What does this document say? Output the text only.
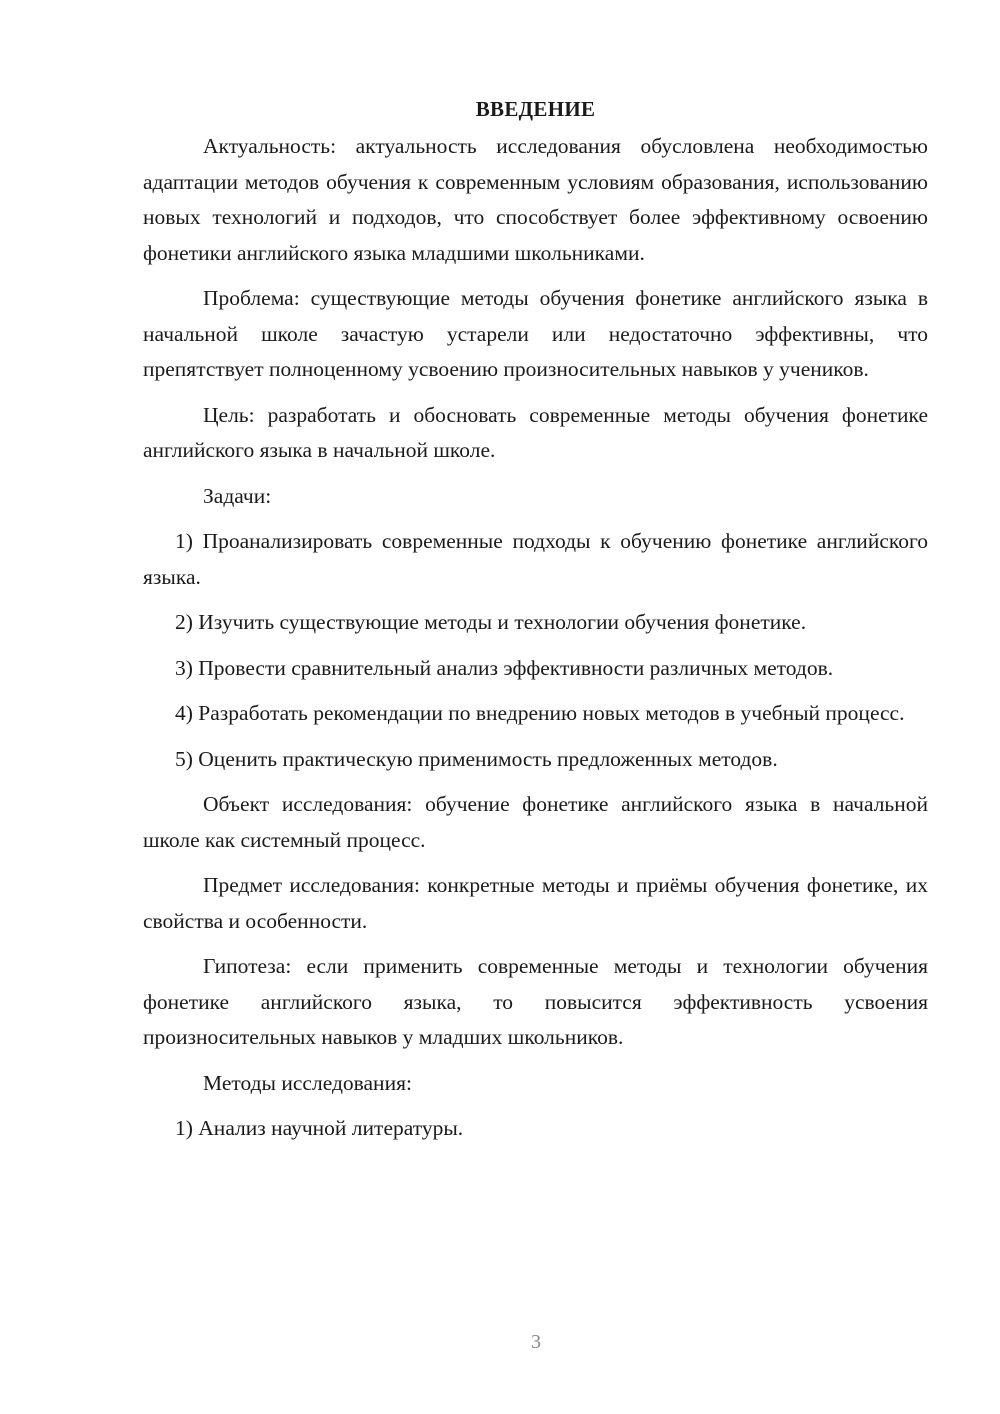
ВВЕДЕНИЕ

Актуальность: актуальность исследования обусловлена необходимостью адаптации методов обучения к современным условиям образования, использованию новых технологий и подходов, что способствует более эффективному освоению фонетики английского языка младшими школьниками.

Проблема: существующие методы обучения фонетике английского языка в начальной школе зачастую устарели или недостаточно эффективны, что препятствует полноценному усвоению произносительных навыков у учеников.

Цель: разработать и обосновать современные методы обучения фонетике английского языка в начальной школе.

Задачи:

1) Проанализировать современные подходы к обучению фонетике английского языка.

2) Изучить существующие методы и технологии обучения фонетике.

3) Провести сравнительный анализ эффективности различных методов.

4) Разработать рекомендации по внедрению новых методов в учебный процесс.

5) Оценить практическую применимость предложенных методов.

Объект исследования: обучение фонетике английского языка в начальной школе как системный процесс.

Предмет исследования: конкретные методы и приёмы обучения фонетике, их свойства и особенности.

Гипотеза: если применить современные методы и технологии обучения фонетике английского языка, то повысится эффективность усвоения произносительных навыков у младших школьников.

Методы исследования:

1) Анализ научной литературы.

3
